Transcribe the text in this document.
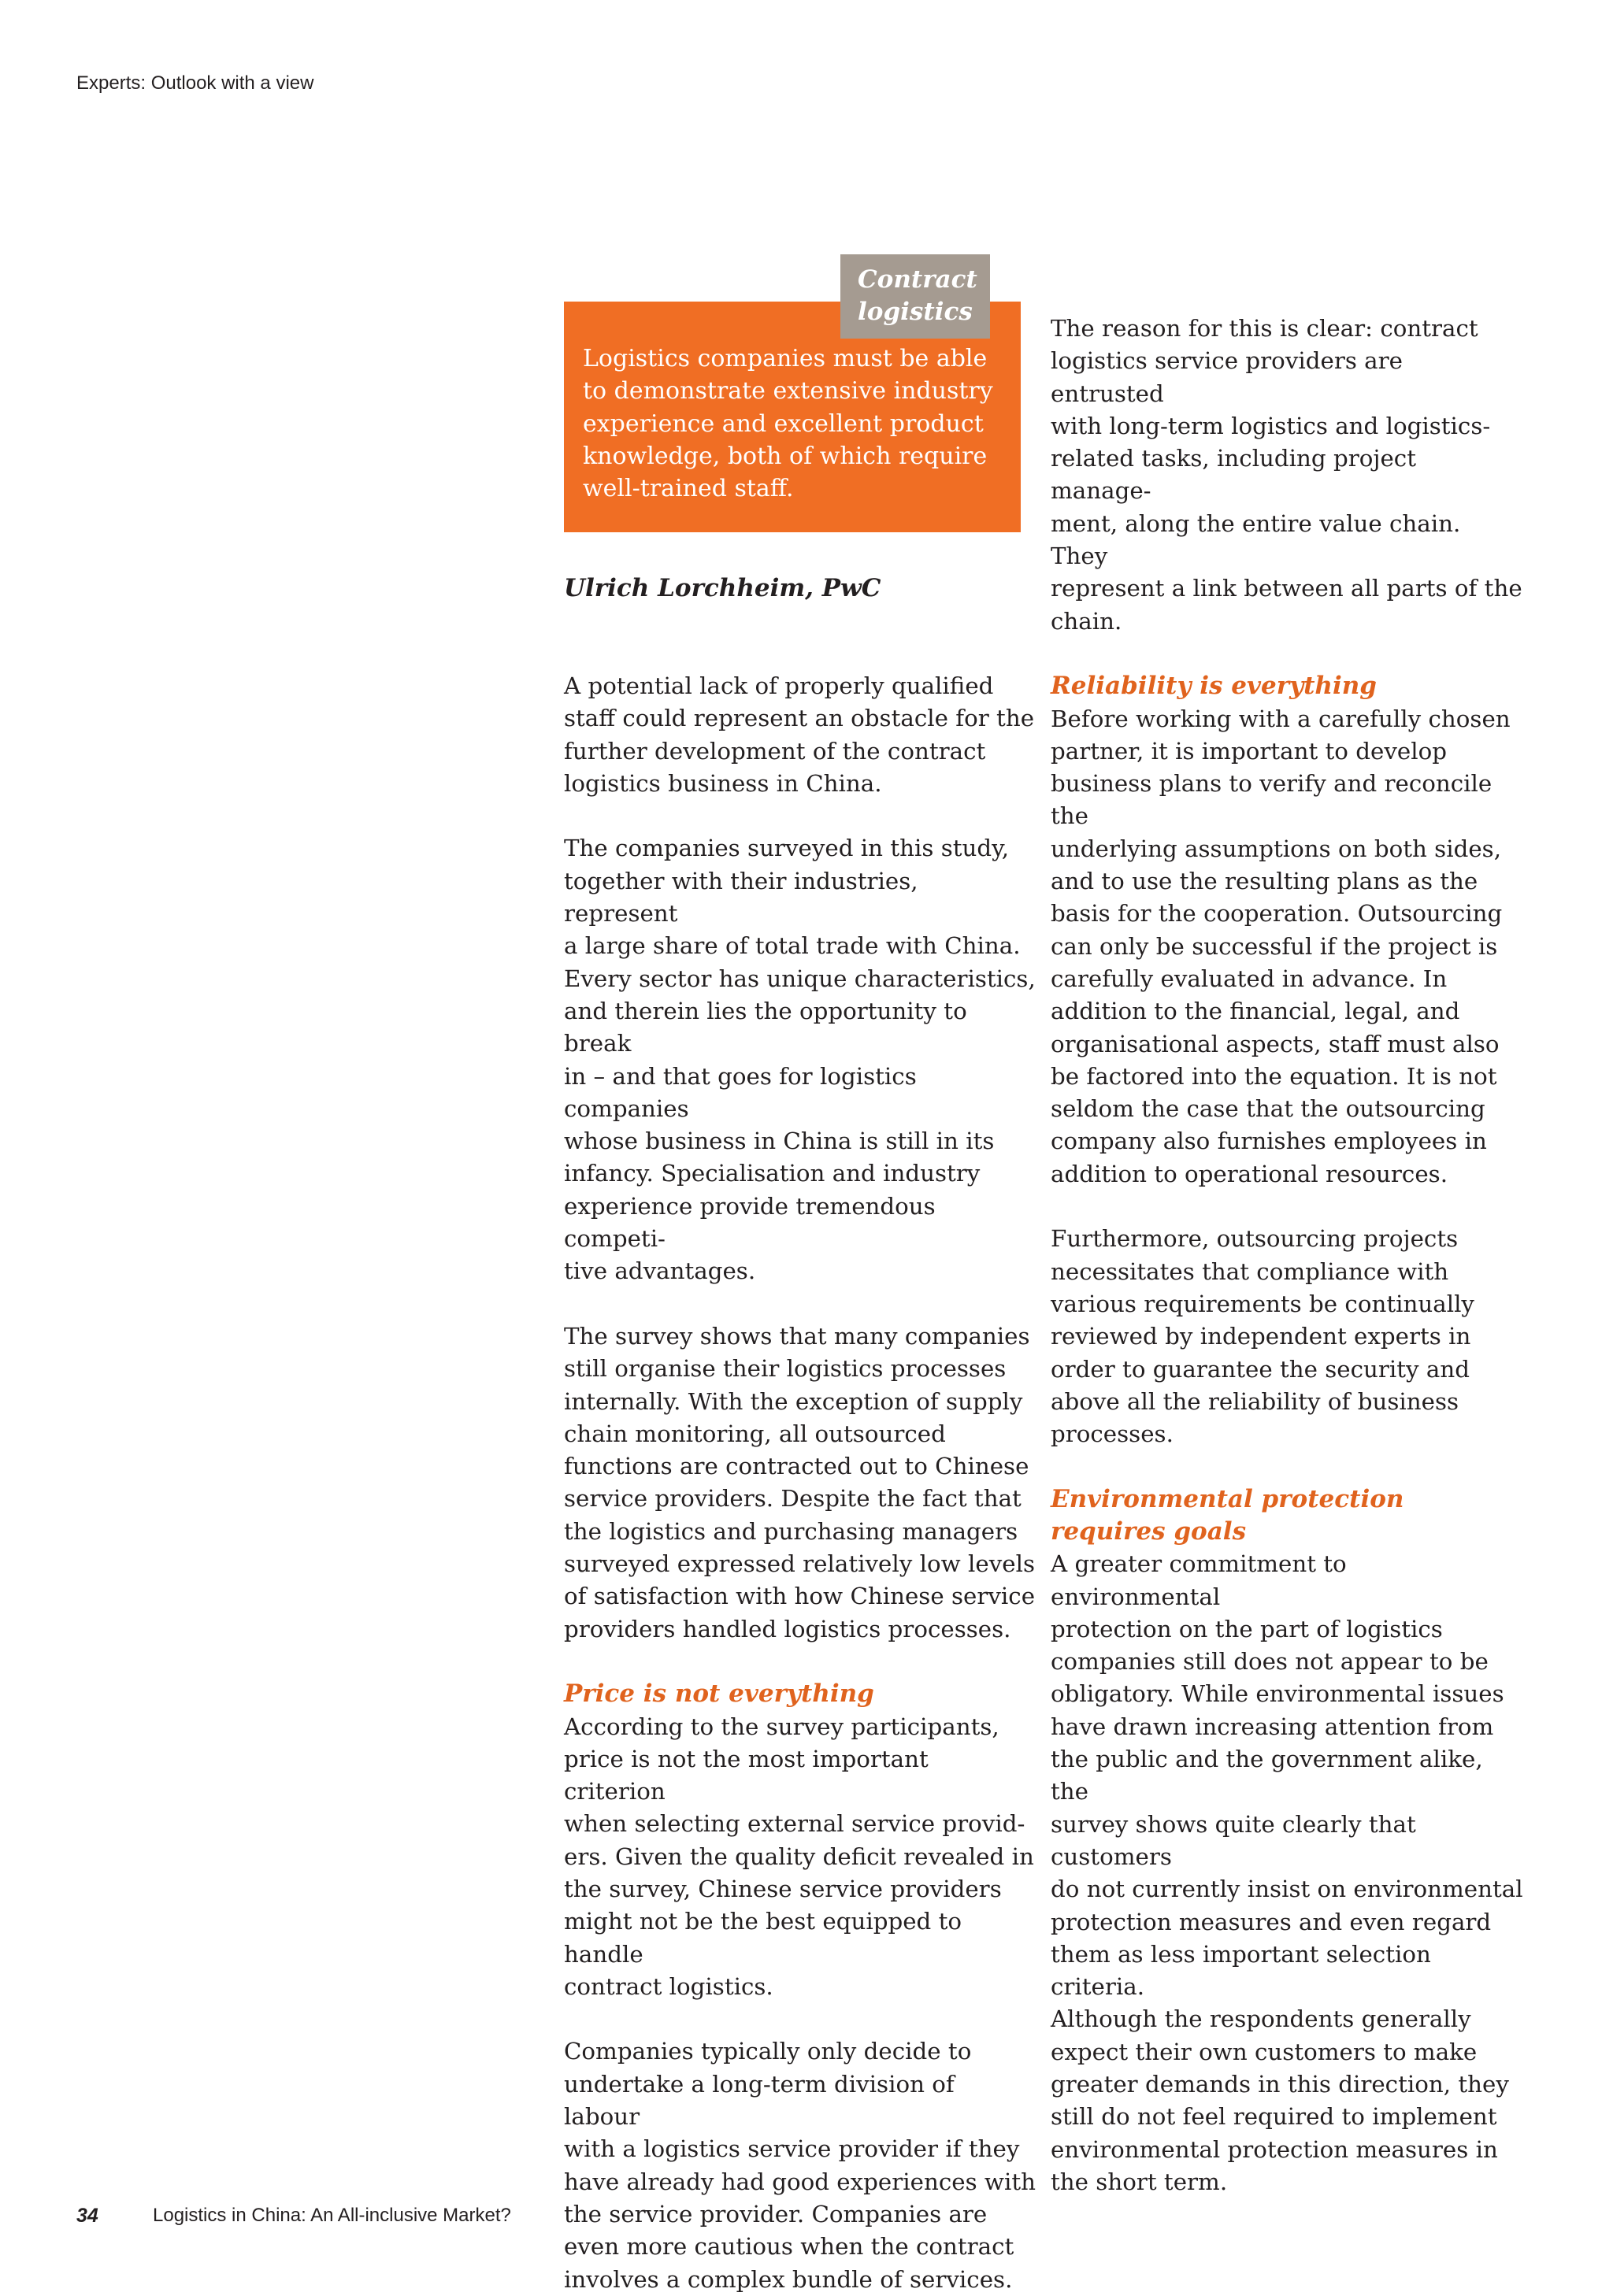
Experts: Outlook with a view
Logistics companies must be able
to demonstrate extensive industry
experience and excellent product
knowledge, both of which require
well-trained staff.
Contract
logistics
Ulrich Lorchheim, PwC

A potential lack of properly qualified
staff could represent an obstacle for the
further development of the contract
logistics business in China.

The companies surveyed in this study,
together with their industries, represent
a large share of total trade with China.
Every sector has unique characteristics,
and therein lies the opportunity to break
in – and that goes for logistics companies
whose business in China is still in its
infancy. Specialisation and industry
experience provide tremendous competi-
tive advantages.

The survey shows that many companies
still organise their logistics processes
internally. With the exception of supply
chain monitoring, all outsourced
functions are contracted out to Chinese
service providers. Despite the fact that
the logistics and purchasing managers
surveyed expressed relatively low levels
of satisfaction with how Chinese service
providers handled logistics processes.

Price is not everything

According to the survey participants,
price is not the most important criterion
when selecting external service provid-
ers. Given the quality deficit revealed in
the survey, Chinese service providers
might not be the best equipped to handle
contract logistics.

Companies typically only decide to
undertake a long-term division of labour
with a logistics service provider if they
have already had good experiences with
the service provider. Companies are
even more cautious when the contract
involves a complex bundle of services.

The reason for this is clear: contract
logistics service providers are entrusted
with long-term logistics and logistics-
related tasks, including project manage-
ment, along the entire value chain. They
represent a link between all parts of the
chain.

Reliability is everything

Before working with a carefully chosen
partner, it is important to develop
business plans to verify and reconcile the
underlying assumptions on both sides,
and to use the resulting plans as the
basis for the cooperation. Outsourcing
can only be successful if the project is
carefully evaluated in advance. In
addition to the financial, legal, and
organisational aspects, staff must also
be factored into the equation. It is not
seldom the case that the outsourcing
company also furnishes employees in
addition to operational resources.

Furthermore, outsourcing projects
necessitates that compliance with
various requirements be continually
reviewed by independent experts in
order to guarantee the security and
above all the reliability of business
processes.

Environmental protection
requires goals

A greater commitment to environmental
protection on the part of logistics
companies still does not appear to be
obligatory. While environmental issues
have drawn increasing attention from
the public and the government alike, the
survey shows quite clearly that customers
do not currently insist on environmental
protection measures and even regard
them as less important selection criteria.
Although the respondents generally
expect their own customers to make
greater demands in this direction, they
still do not feel required to implement
environmental protection measures in
the short term.

34	Logistics in China: An All-inclusive Market?
